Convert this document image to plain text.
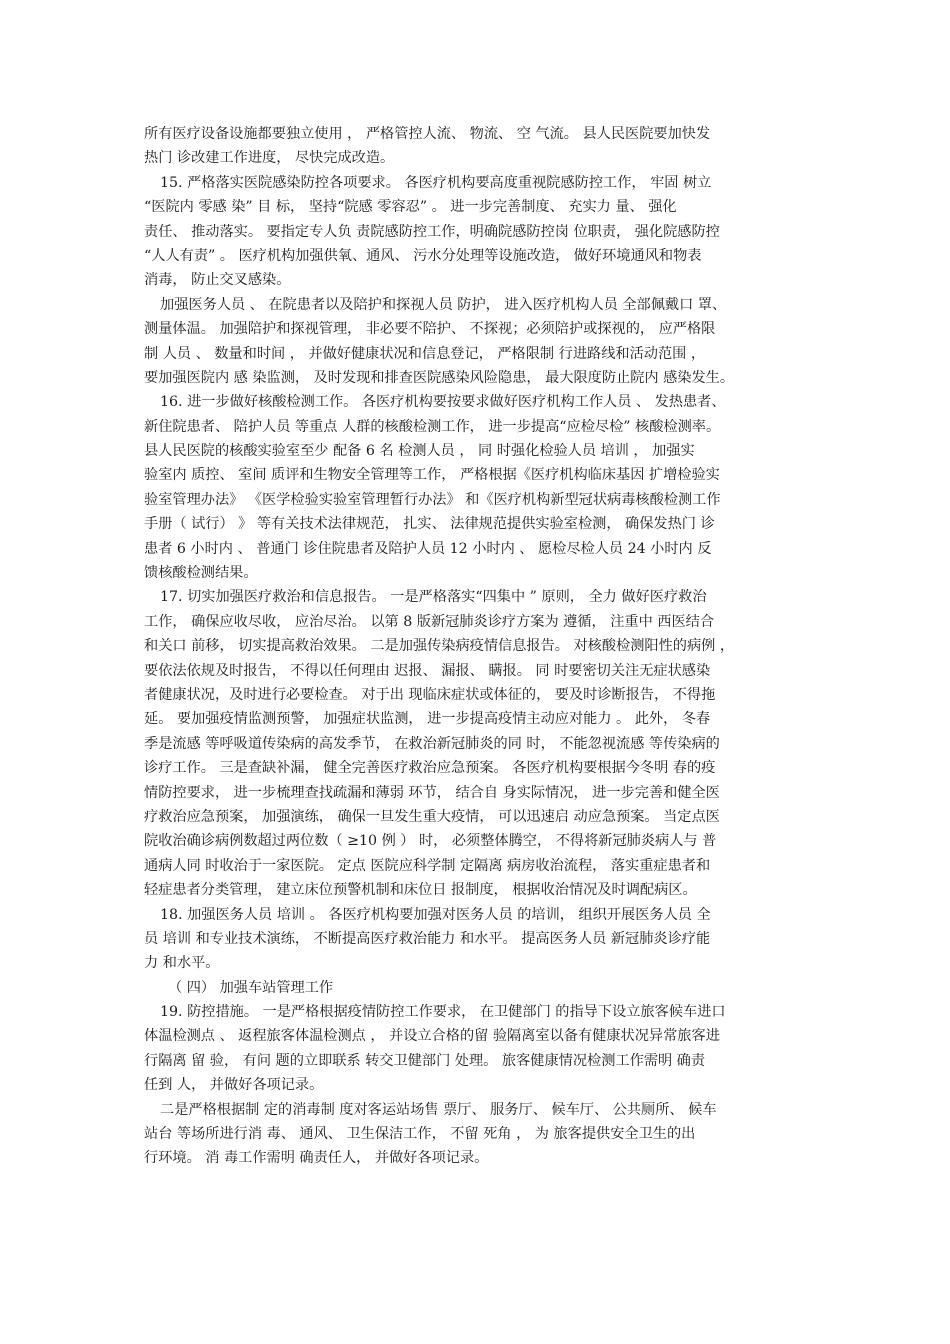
所有医疗设备设施都要独立使用 ， 严格管控人流、 物流、 空 气流。 县人民医院要加快发
热门 诊改建工作进度， 尽快完成改造。
15. 严格落实医院感染防控各项要求。 各医疗机构要高度重视院感防控工作， 牢固 树立
“医院内 零感 染” 目 标， 坚持“院感 零容忍” 。 进一步完善制度、 充实力 量、 强化
责任、 推动落实。 要指定专人负 责院感防控工作，明确院感防控岗 位职责， 强化院感防控
“人人有责” 。 医疗机构加强供氧、通风、 污水分处理等设施改造， 做好环境通风和物表
消毒， 防止交叉感染。
加强医务人员 、 在院患者以及陪护和探视人员 防护， 进入医疗机构人员 全部佩戴口 罩、
测量体温。 加强陪护和探视管理， 非必要不陪护、 不探视；必须陪护或探视的， 应严格限
制 人员 、 数量和时间 ， 并做好健康状况和信息登记， 严格限制 行进路线和活动范围 ，
要加强医院内 感 染监测， 及时发现和排查医院感染风险隐患， 最大限度防止院内 感染发生。
16. 进一步做好核酸检测工作。 各医疗机构要按要求做好医疗机构工作人员 、 发热患者、
新住院患者、 陪护人员 等重点 人群的核酸检测工作， 进一步提高“应检尽检” 核酸检测率。
县人民医院的核酸实验室至少 配备 6 名 检测人员 ， 同 时强化检验人员 培训 ， 加强实
验室内 质控、 室间 质评和生物安全管理等工作， 严格根据《医疗机构临床基因 扩增检验实
验室管理办法》 《医学检验实验室管理暂行办法》 和《医疗机构新型冠状病毒核酸检测工作
手册（ 试行） 》 等有关技术法律规范， 扎实、 法律规范提供实验室检测， 确保发热门 诊
患者 6 小时内 、 普通门 诊住院患者及陪护人员 12 小时内 、 愿检尽检人员 24 小时内 反
馈核酸检测结果。
17. 切实加强医疗救治和信息报告。 一是严格落实“四集中 ” 原则， 全力 做好医疗救治
工作， 确保应收尽收， 应治尽治。 以第 8 版新冠肺炎诊疗方案为 遵循， 注重中 西医结合
和关口 前移， 切实提高救治效果。 二是加强传染病疫情信息报告。 对核酸检测阳性的病例 ，
要依法依规及时报告， 不得以任何理由 迟报、 漏报、 瞒报。 同 时要密切关注无症状感染
者健康状况，及时进行必要检查。 对于出 现临床症状或体征的， 要及时诊断报告， 不得拖
延。 要加强疫情监测预警， 加强症状监测， 进一步提高疫情主动应对能力 。 此外， 冬春
季是流感 等呼吸道传染病的高发季节， 在救治新冠肺炎的同 时， 不能忽视流感 等传染病的
诊疗工作。 三是查缺补漏， 健全完善医疗救治应急预案。 各医疗机构要根据今冬明 春的疫
情防控要求， 进一步梳理查找疏漏和薄弱 环节， 结合自 身实际情况， 进一步完善和健全医
疗救治应急预案， 加强演练， 确保一旦发生重大疫情， 可以迅速启 动应急预案。 当定点医
院收治确诊病例数超过两位数（ ≥10 例 ） 时， 必须整体腾空， 不得将新冠肺炎病人与 普
通病人同 时收治于一家医院。 定点 医院应科学制 定隔离 病房收治流程， 落实重症患者和
轻症患者分类管理， 建立床位预警机制和床位日 报制度， 根据收治情况及时调配病区。
18. 加强医务人员 培训 。 各医疗机构要加强对医务人员 的培训， 组织开展医务人员 全
员 培训 和专业技术演练， 不断提高医疗救治能力 和水平。 提高医务人员 新冠肺炎诊疗能
力 和水平。
（ 四） 加强车站管理工作
19. 防控措施。 一是严格根据疫情防控工作要求， 在卫健部门 的指导下设立旅客候车进口
体温检测点 、 返程旅客体温检测点 ， 并设立合格的留 验隔离室以备有健康状况异常旅客进
行隔离 留 验， 有问 题的立即联系 转交卫健部门 处理。 旅客健康情况检测工作需明 确责
任到 人， 并做好各项记录。
二是严格根据制 定的消毒制 度对客运站场售 票厅、 服务厅、 候车厅、 公共厕所、 候车
站台 等场所进行消 毒、 通风、 卫生保洁工作， 不留 死角 ， 为 旅客提供安全卫生的出
行环境。 消 毒工作需明 确责任人， 并做好各项记录。
